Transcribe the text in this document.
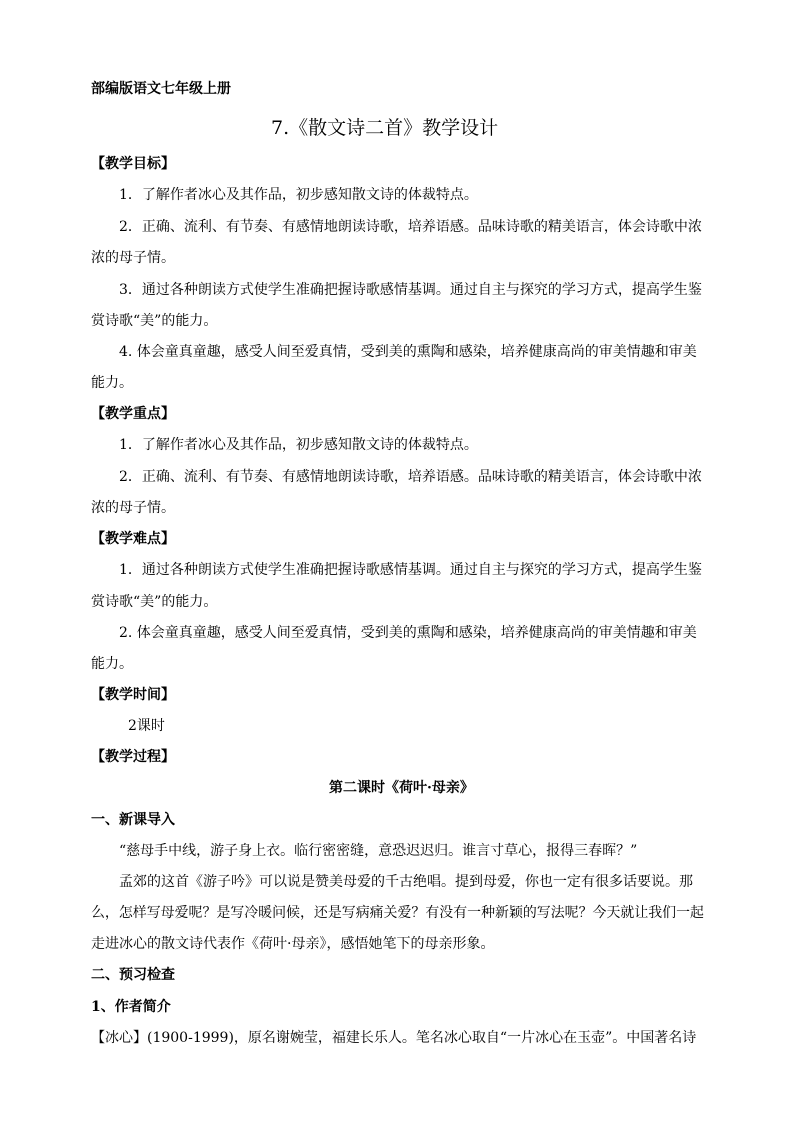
部编版语文七年级上册
7.《散文诗二首》教学设计
【教学目标】
1．了解作者冰心及其作品，初步感知散文诗的体裁特点。
2．正确、流利、有节奏、有感情地朗读诗歌，培养语感。品味诗歌的精美语言，体会诗歌中浓
浓的母子情。
3．通过各种朗读方式使学生准确把握诗歌感情基调。通过自主与探究的学习方式，提高学生鉴
赏诗歌“美”的能力。
4. 体会童真童趣，感受人间至爱真情，受到美的熏陶和感染，培养健康高尚的审美情趣和审美
能力。
【教学重点】
1．了解作者冰心及其作品，初步感知散文诗的体裁特点。
2．正确、流利、有节奏、有感情地朗读诗歌，培养语感。品味诗歌的精美语言，体会诗歌中浓
浓的母子情。
【教学难点】
1．通过各种朗读方式使学生准确把握诗歌感情基调。通过自主与探究的学习方式，提高学生鉴
赏诗歌“美”的能力。
2. 体会童真童趣，感受人间至爱真情，受到美的熏陶和感染，培养健康高尚的审美情趣和审美
能力。
【教学时间】
2课时
【教学过程】
第二课时《荷叶·母亲》
一、新课导入
“慈母手中线，游子身上衣。临行密密缝，意恐迟迟归。谁言寸草心，报得三春晖？”
孟郊的这首《游子吟》可以说是赞美母爱的千古绝唱。提到母爱，你也一定有很多话要说。那
么，怎样写母爱呢？是写冷暖问候，还是写病痛关爱？有没有一种新颖的写法呢？今天就让我们一起
走进冰心的散文诗代表作《荷叶·母亲》，感悟她笔下的母亲形象。
二、预习检查
1、作者简介
【冰心】(1900-1999)，原名谢婉莹，福建长乐人。笔名冰心取自“一片冰心在玉壶”。中国著名诗
